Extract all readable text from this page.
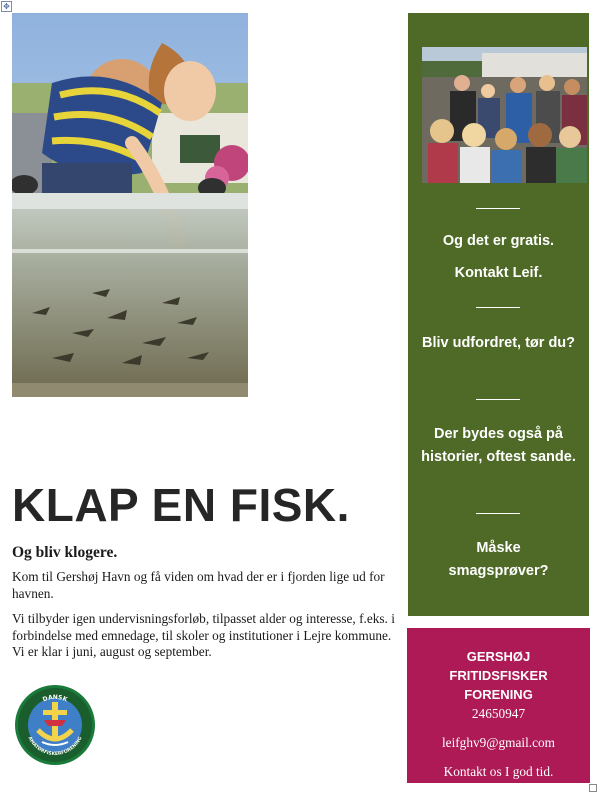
✥
KLAP EN FISK.
Og bliv klogere.

Kom til Gershøj Havn og få viden om hvad der er i fjorden lige ud for havnen.

Vi tilbyder igen undervisningsforløb, tilpasset alder og interesse, f.eks. i forbindelse med emnedage, til skoler og institutioner i Lejre kommune. Vi er klar i juni, august og september.

DANSK
AMATØRFISKERFORENING
Og det er gratis.
Kontakt Leif.
Bliv udfordret, tør du?
Der bydes også på historier, oftest sande.
Måske smagsprøver?
GERSHØJ FRITIDSFISKER FORENING
24650947
leifghv9@gmail.com
Kontakt os I god tid.
